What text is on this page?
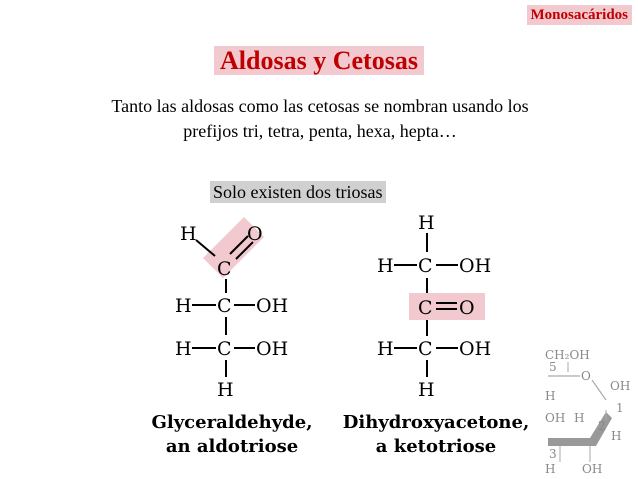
Monosacáridos
Aldosas y Cetosas
Tanto las aldosas como las cetosas se nombran usando los
prefijos tri, tetra, penta, hexa, hepta…
Solo existen dos triosas
H	O
C
H C OH
H C OH
H
Glyceraldehyde,
an aldotriose
H
H C OH
C O
H C OH
H
Dihydroxyacetone,
a ketotriose
CH₂OH
5
O
OH
H
OH H
1
H
2
3
H OH
